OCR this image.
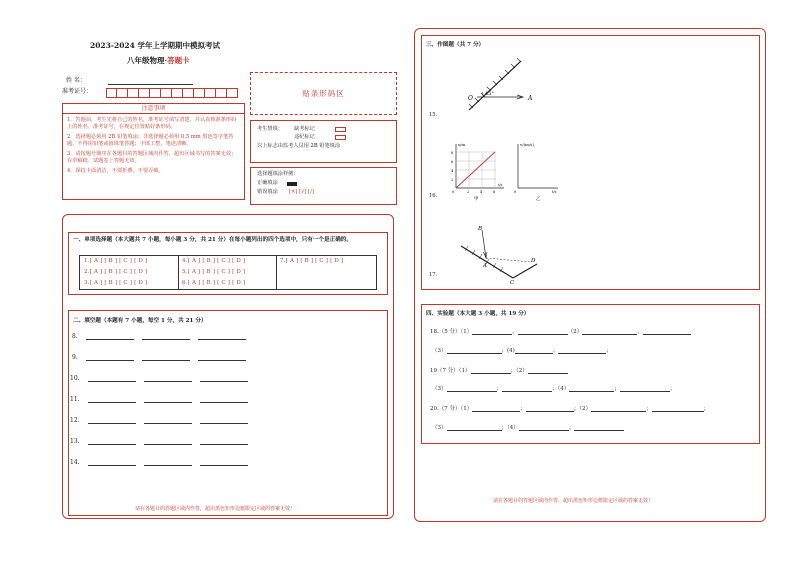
2023-2024 学年上学期期中模拟考试
八年级物理·答题卡
姓 名：
准考证号：
注意事项
1．答题前，考生先将自己的姓名，准考证号填写清楚，并认真核准条形码上的姓名、准考证号，在规定位置贴好条形码。
2．选择题必须用 2B 铅笔填涂；非选择题必须用 0.5 mm 黑色签字笔答题，不得用铅笔或圆珠笔答题；字体工整、笔迹清晰。
3．请按题号顺序在各题目的答题区域内作答，超出区域书写的答案无效；在草稿纸、试题卷上答题无效。
4．保持卡面清洁，不要折叠、不要弄破。
贴条形码区
考生禁填： 缺考标记
违纪标记
以上标志由监考人员用 2B 铅笔填涂
选择题填涂样例：
正确填涂
错误填涂 [×] [√] [/]
一、单项选择题（本大题共 7 小题，每小题 3 分，共 21 分）在每小题列出的四个选项中，只有一个是正确的。
1.[ A ] [ B ] [ C ] [ D ]	4.[ A ] [ B ] [ C ] [ D ]	7.[ A ] [ B ] [ C ] [ D ]
2.[ A ] [ B ] [ C ] [ D ]	5.[ A ] [ B ] [ C ] [ D ]
3.[ A ] [ B ] [ C ] [ D ]	6.[ A ] [ B ] [ C ] [ D ]
二、填空题（本题有 7 小题，每空 1 分，共 21 分）
8.
9.
10.
11.
12.
13.
14.
请在各题目的答题区域内作答，超出黑色矩形边框限定区域的答案无效！
三、作图题（共 7 分）
15.
O
45°
A
16.
s/m
8
6
4
2
0	2	4	6
t/s
甲
v/(m/s)
0	t/s
乙
17.
B
A
C
D
四、实验题（本大题 3 小题，共 19 分）
18.（5 分）（1）	，	（2）	，
（3）	；(4)	；	；
19（7 分）（1）	；（2）
（3）	；	；（4）	；	；
20.（7 分）（1）	；	；（2）	；	；
（3）	；（4）	；
请在各题目的答题区域内作答，超出黑色矩形边框限定区域的答案无效！
